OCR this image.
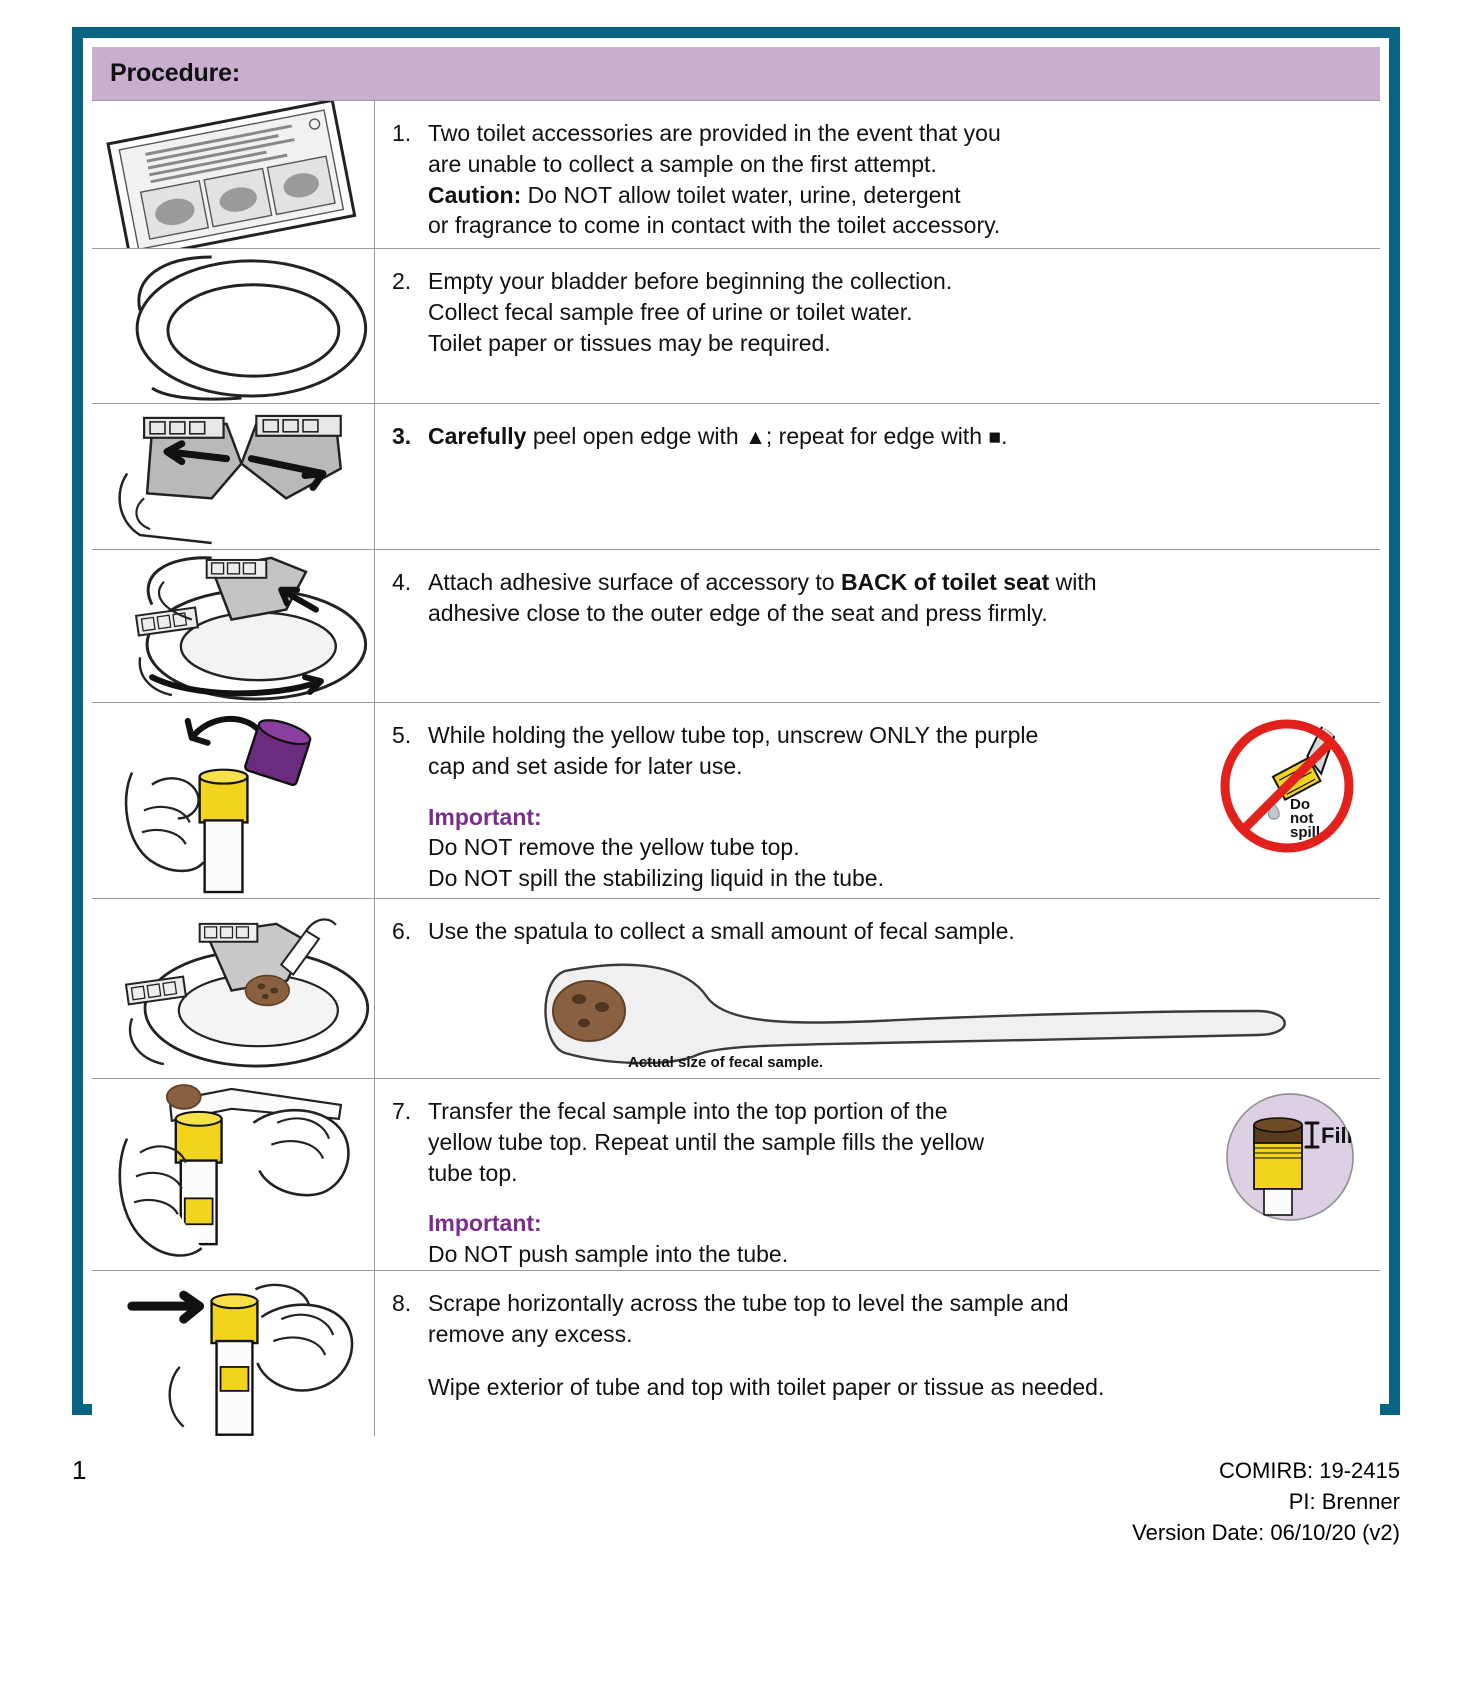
Procedure:
1. Two toilet accessories are provided in the event that you
are unable to collect a sample on the first attempt.
Caution: Do NOT allow toilet water, urine, detergent
or fragrance to come in contact with the toilet accessory.
2. Empty your bladder before beginning the collection.
Collect fecal sample free of urine or toilet water.
Toilet paper or tissues may be required.
3. Carefully peel open edge with ▲; repeat for edge with ■.
4. Attach adhesive surface of accessory to BACK of toilet seat with
adhesive close to the outer edge of the seat and press firmly.
5. While holding the yellow tube top, unscrew ONLY the purple
cap and set aside for later use.
Important:
Do NOT remove the yellow tube top.
Do NOT spill the stabilizing liquid in the tube.
Do
not
spill
6. Use the spatula to collect a small amount of fecal sample.
Actual size of fecal sample.
7. Transfer the fecal sample into the top portion of the
yellow tube top. Repeat until the sample fills the yellow
tube top.
Important:
Do NOT push sample into the tube.
Fill
8. Scrape horizontally across the tube top to level the sample and
remove any excess.
Wipe exterior of tube and top with toilet paper or tissue as needed.
1	COMIRB: 19-2415
PI: Brenner
Version Date: 06/10/20 (v2)
